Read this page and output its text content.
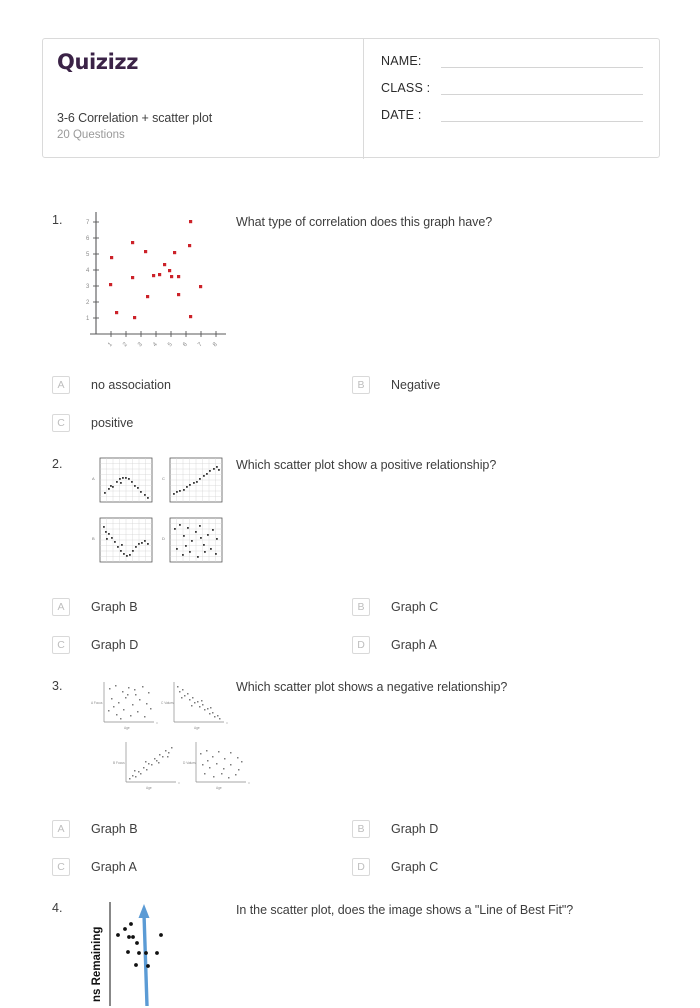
Quizizz
3-6 Correlation + scatter plot
20 Questions
NAME:
CLASS :
DATE :
1.	What type of correlation does this graph have?
1
2
3
4
5
6
7
1 2 3 4 5 6 7 8
A	no association	B	Negative
C	positive
2.	Which scatter plot show a positive relationship?
A	C
B	D
A	Graph B	B	Graph C
C	Graph D	D	Graph A
3.	Which scatter plot shows a negative relationship?
A Focus
Age
□
C Values
Age
□
B Focus
Age
□
D Values
Age
□
A	Graph B	B	Graph D
C	Graph A	D	Graph C
4.	In the scatter plot, does the image shows a "Line of Best Fit"?
ns Remaining
